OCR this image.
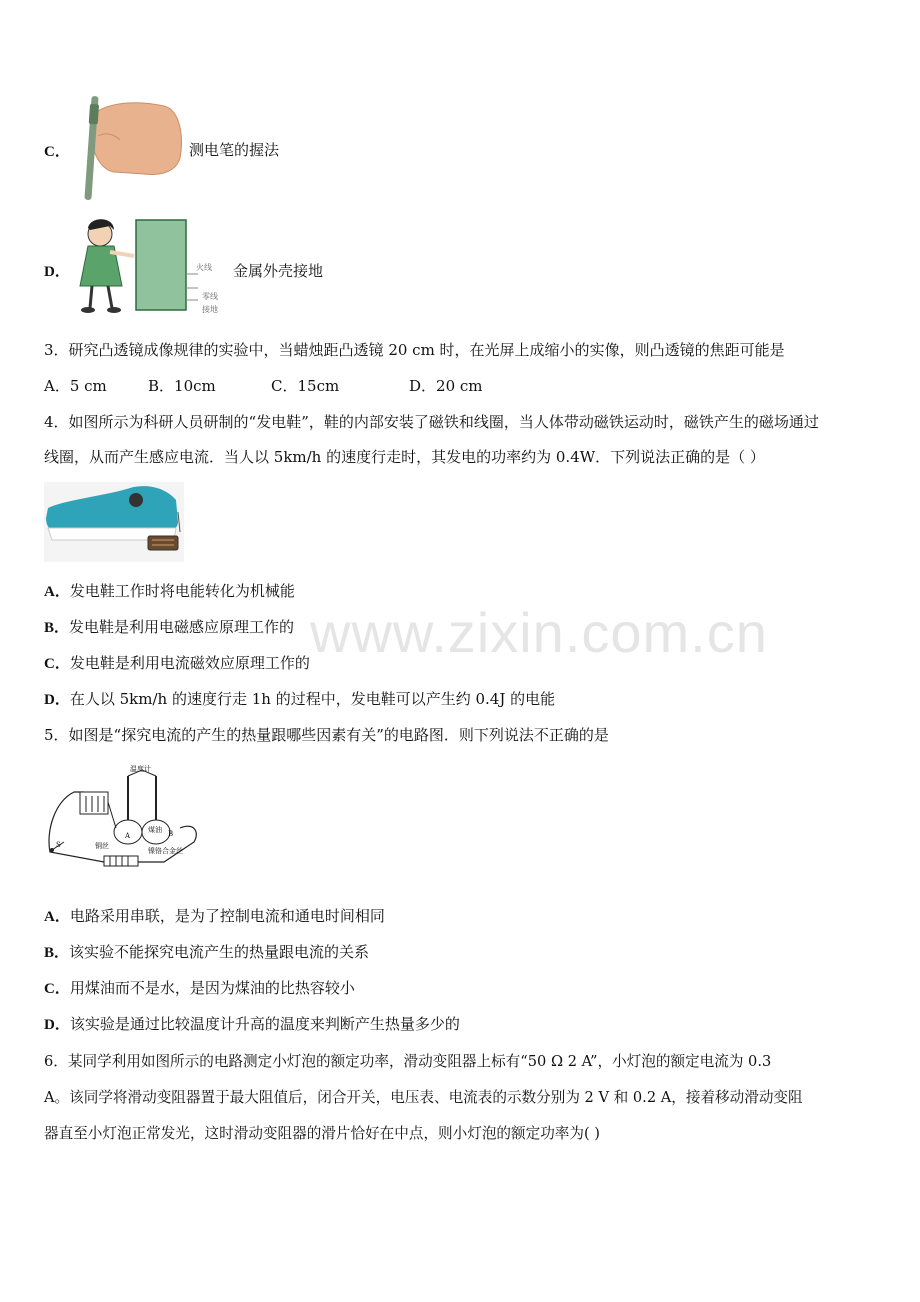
www.zixin.com.cn
C．	测电笔的握法
D．	火线
零线
接地
金属外壳接地
3．研究凸透镜成像规律的实验中，当蜡烛距凸透镜 20 cm 时，在光屏上成缩小的实像，则凸透镜的焦距可能是
A．5 cm	B．10cm	C．15cm	D．20 cm
4．如图所示为科研人员研制的“发电鞋”，鞋的内部安装了磁铁和线圈，当人体带动磁铁运动时，磁铁产生的磁场通过
线圈，从而产生感应电流．当人以 5km/h 的速度行走时，其发电的功率约为 0.4W．下列说法正确的是（ ）
A．发电鞋工作时将电能转化为机械能
B．发电鞋是利用电磁感应原理工作的
C．发电鞋是利用电流磁效应原理工作的
D．在人以 5km/h 的速度行走 1h 的过程中，发电鞋可以产生约 0.4J 的电能
5．如图是“探究电流的产生的热量跟哪些因素有关”的电路图．则下列说法不正确的是
温度计
煤油
铜丝
镍铬合金丝
A	B
S
A．电路采用串联，是为了控制电流和通电时间相同
B．该实验不能探究电流产生的热量跟电流的关系
C．用煤油而不是水，是因为煤油的比热容较小
D．该实验是通过比较温度计升高的温度来判断产生热量多少的
6．某同学利用如图所示的电路测定小灯泡的额定功率，滑动变阻器上标有“50 Ω 2 A”，小灯泡的额定电流为 0.3
A。该同学将滑动变阻器置于最大阻值后，闭合开关，电压表、电流表的示数分别为 2 V 和 0.2 A，接着移动滑动变阻
器直至小灯泡正常发光，这时滑动变阻器的滑片恰好在中点，则小灯泡的额定功率为( )
